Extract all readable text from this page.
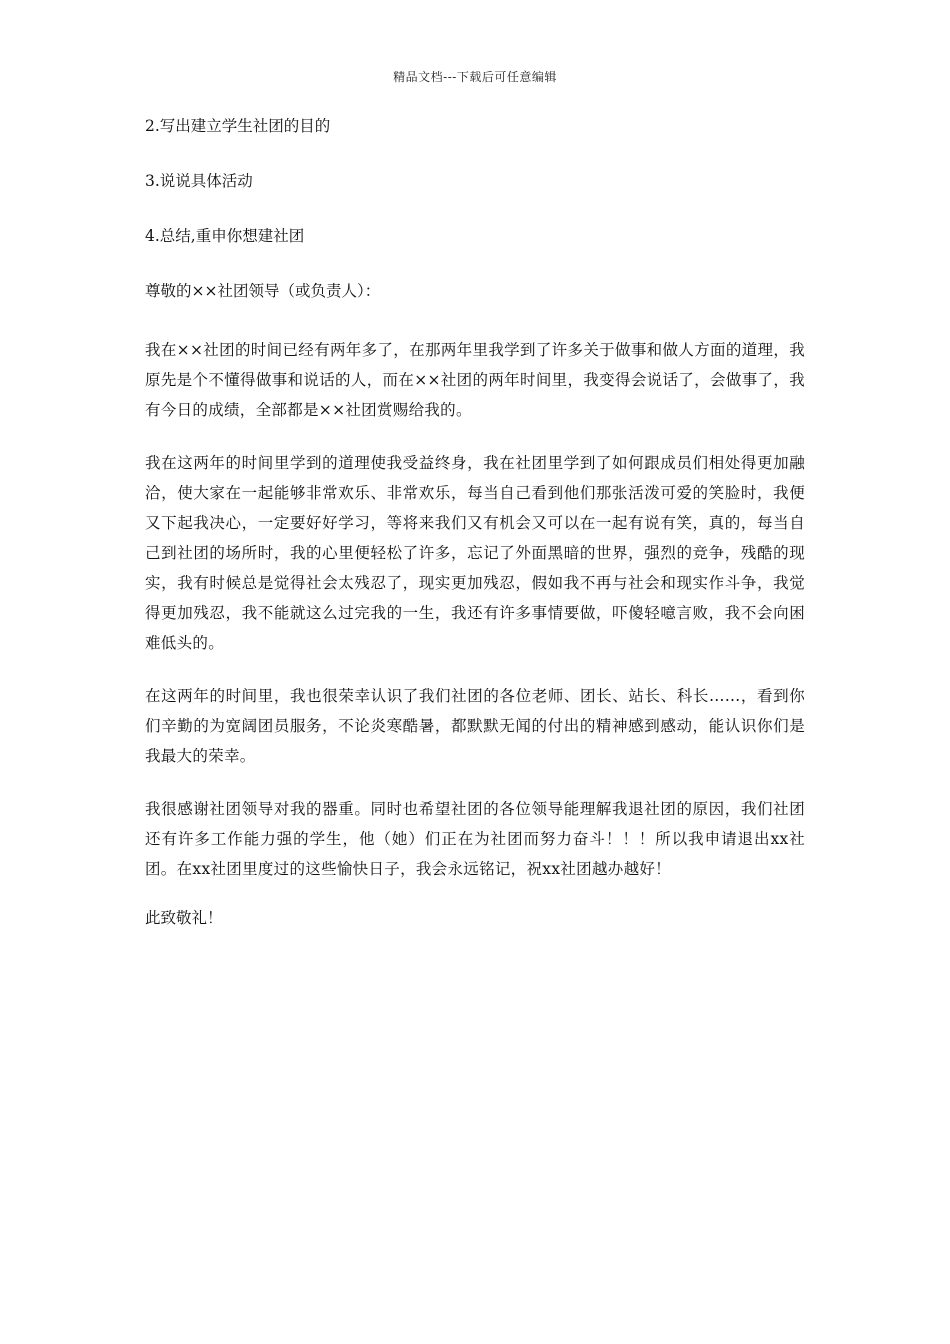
精品文档---下载后可任意编辑

2.写出建立学生社团的目的

3.说说具体活动

4.总结,重申你想建社团

尊敬的××社团领导（或负责人）：

我在××社团的时间已经有两年多了，在那两年里我学到了许多关于做事和做人方面的道理，我原先是个不懂得做事和说话的人，而在××社团的两年时间里，我变得会说话了，会做事了，我有今日的成绩，全部都是××社团赏赐给我的。

我在这两年的时间里学到的道理使我受益终身，我在社团里学到了如何跟成员们相处得更加融洽，使大家在一起能够非常欢乐、非常欢乐，每当自己看到他们那张活泼可爱的笑脸时，我便又下起我决心，一定要好好学习，等将来我们又有机会又可以在一起有说有笑，真的，每当自己到社团的场所时，我的心里便轻松了许多，忘记了外面黑暗的世界，强烈的竞争，残酷的现实，我有时候总是觉得社会太残忍了，现实更加残忍，假如我不再与社会和现实作斗争，我觉得更加残忍，我不能就这么过完我的一生，我还有许多事情要做，吓傻轻噫言败，我不会向困难低头的。

在这两年的时间里，我也很荣幸认识了我们社团的各位老师、团长、站长、科长……，看到你们辛勤的为宽阔团员服务，不论炎寒酷暑，都默默无闻的付出的精神感到感动，能认识你们是我最大的荣幸。

我很感谢社团领导对我的器重。同时也希望社团的各位领导能理解我退社团的原因，我们社团还有许多工作能力强的学生，他（她）们正在为社团而努力奋斗！！！所以我申请退出xx社团。在xx社团里度过的这些愉快日子，我会永远铭记，祝xx社团越办越好！

此致敬礼！
